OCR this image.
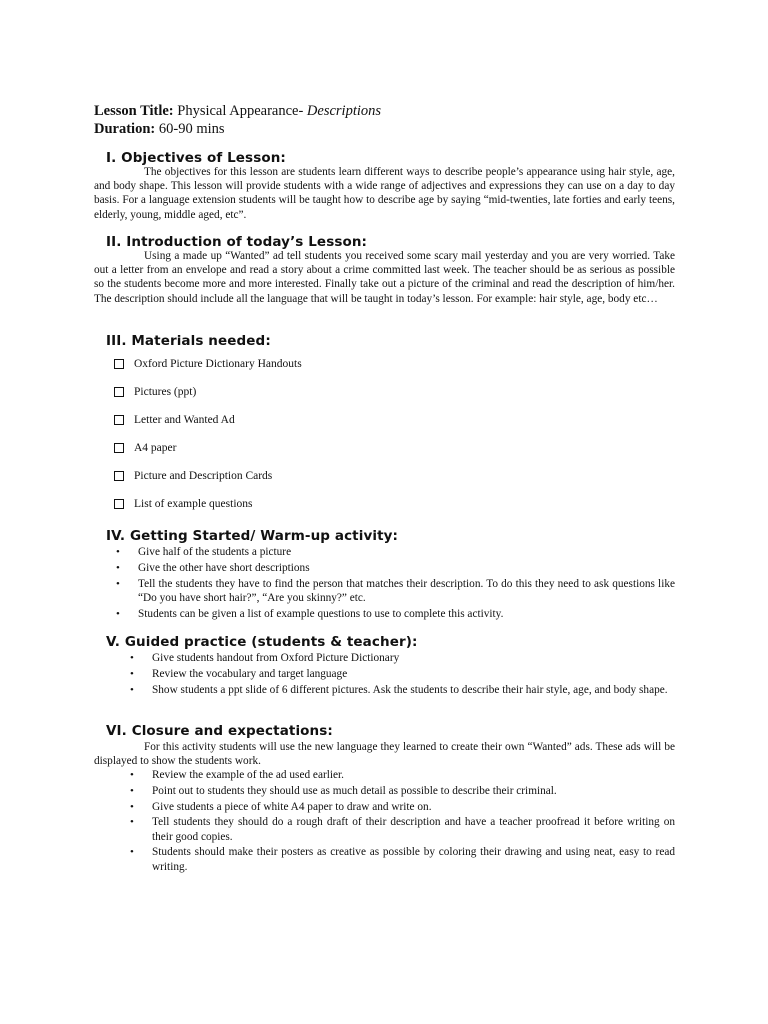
Lesson Title: Physical Appearance- Descriptions
Duration: 60-90 mins
I. Objectives of Lesson:

The objectives for this lesson are students learn different ways to describe people’s appearance using hair style, age, and body shape. This lesson will provide students with a wide range of adjectives and expressions they can use on a day to day basis. For a language extension students will be taught how to describe age by saying “mid-twenties, late forties and early teens, elderly, young, middle aged, etc”.

II. Introduction of today’s Lesson:

Using a made up “Wanted” ad tell students you received some scary mail yesterday and you are very worried. Take out a letter from an envelope and read a story about a crime committed last week. The teacher should be as serious as possible so the students become more and more interested. Finally take out a picture of the criminal and read the description of him/her. The description should include all the language that will be taught in today’s lesson. For example: hair style, age, body etc…

III. Materials needed:
Oxford Picture Dictionary Handouts
Pictures (ppt)
Letter and Wanted Ad
A4 paper
Picture and Description Cards
List of example questions
IV. Getting Started/ Warm-up activity:
• Give half of the students a picture
• Give the other have short descriptions
• Tell the students they have to find the person that matches their description. To do this they need to ask questions like “Do you have short hair?”, “Are you skinny?” etc.
• Students can be given a list of example questions to use to complete this activity.
V. Guided practice (students & teacher):
• Give students handout from Oxford Picture Dictionary
• Review the vocabulary and target language
• Show students a ppt slide of 6 different pictures. Ask the students to describe their hair style, age, and body shape.
VI. Closure and expectations:

For this activity students will use the new language they learned to create their own “Wanted” ads. These ads will be displayed to show the students work.

• Review the example of the ad used earlier.
• Point out to students they should use as much detail as possible to describe their criminal.
• Give students a piece of white A4 paper to draw and write on.
• Tell students they should do a rough draft of their description and have a teacher proofread it before writing on their good copies.
• Students should make their posters as creative as possible by coloring their drawing and using neat, easy to read writing.
